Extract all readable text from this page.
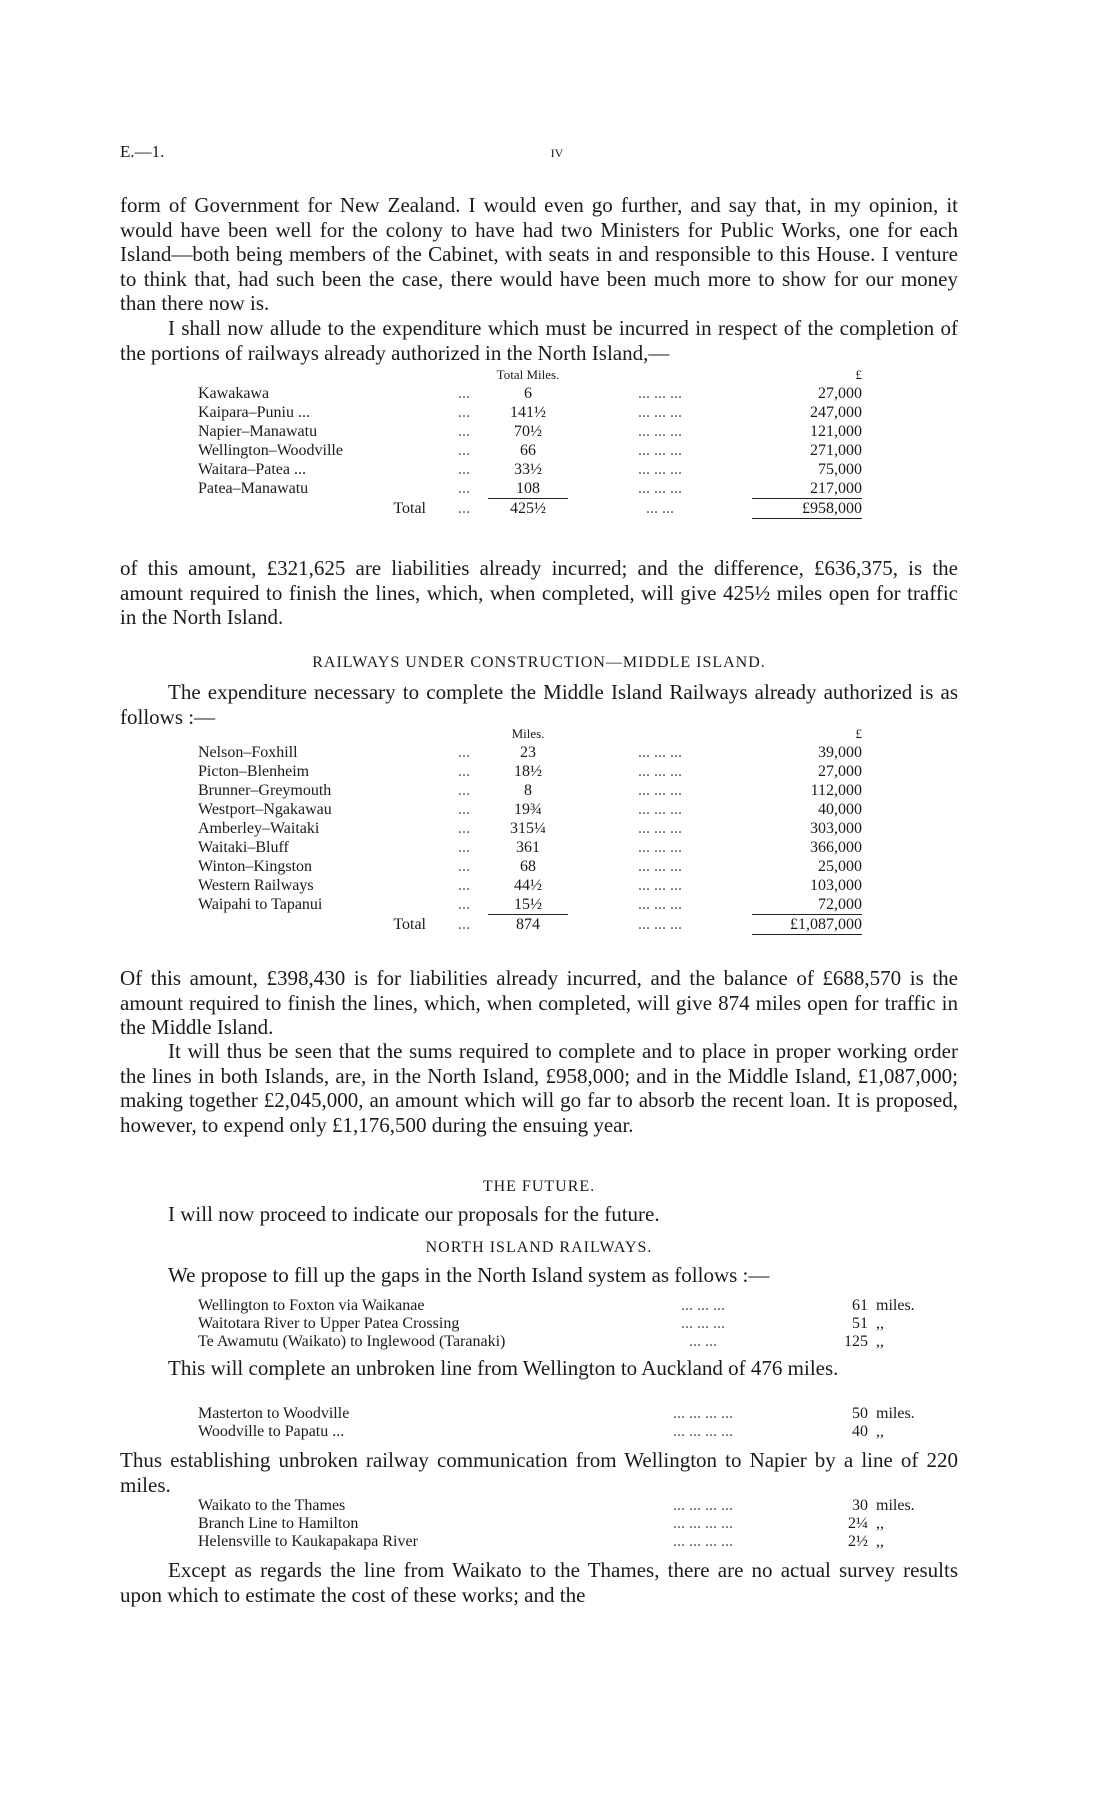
E.—1.	iv

form of Government for New Zealand. I would even go further, and say that, in my opinion, it would have been well for the colony to have had two Ministers for Public Works, one for each Island—both being members of the Cabinet, with seats in and responsible to this House. I venture to think that, had such been the case, there would have been much more to show for our money than there now is.

I shall now allude to the expenditure which must be incurred in respect of the completion of the portions of railways already authorized in the North Island,—

		Total Miles.			£
Kawakawa	...	6	... ... ...		27,000
Kaipara–Puniu ...	...	141½	... ... ...		247,000
Napier–Manawatu	...	70½	... ... ...		121,000
Wellington–Woodville	...	66	... ... ...		271,000
Waitara–Patea ...	...	33½	... ... ...		75,000
Patea–Manawatu	...	108	... ... ...		217,000
Total	...	425½	... ...		£958,000

of this amount, £321,625 are liabilities already incurred; and the difference, £636,375, is the amount required to finish the lines, which, when completed, will give 425½ miles open for traffic in the North Island.

RAILWAYS UNDER CONSTRUCTION—MIDDLE ISLAND.

The expenditure necessary to complete the Middle Island Railways already authorized is as follows :—

		Miles.			£
Nelson–Foxhill	...	23	... ... ...		39,000
Picton–Blenheim	...	18½	... ... ...		27,000
Brunner–Greymouth	...	8	... ... ...		112,000
Westport–Ngakawau	...	19¾	... ... ...		40,000
Amberley–Waitaki	...	315¼	... ... ...		303,000
Waitaki–Bluff	...	361	... ... ...		366,000
Winton–Kingston	...	68	... ... ...		25,000
Western Railways	...	44½	... ... ...		103,000
Waipahi to Tapanui	...	15½	... ... ...		72,000
Total	...	874	... ... ...		£1,087,000

Of this amount, £398,430 is for liabilities already incurred, and the balance of £688,570 is the amount required to finish the lines, which, when completed, will give 874 miles open for traffic in the Middle Island.

It will thus be seen that the sums required to complete and to place in proper working order the lines in both Islands, are, in the North Island, £958,000; and in the Middle Island, £1,087,000; making together £2,045,000, an amount which will go far to absorb the recent loan. It is proposed, however, to expend only £1,176,500 during the ensuing year.

THE FUTURE.

I will now proceed to indicate our proposals for the future.

NORTH ISLAND RAILWAYS.

We propose to fill up the gaps in the North Island system as follows :—

Wellington to Foxton via Waikanae	... ... ...	61 miles.
Waitotara River to Upper Patea Crossing	... ... ...	51 ,,
Te Awamutu (Waikato) to Inglewood (Taranaki)	... ...	125 ,,

This will complete an unbroken line from Wellington to Auckland of 476 miles.

Masterton to Woodville	... ... ... ...	50 miles.
Woodville to Papatu ...	... ... ... ...	40 ,,

Thus establishing unbroken railway communication from Wellington to Napier by a line of 220 miles.

Waikato to the Thames	... ... ... ...	30 miles.
Branch Line to Hamilton	... ... ... ...	2¼ ,,
Helensville to Kaukapakapa River	... ... ... ...	2½ ,,

Except as regards the line from Waikato to the Thames, there are no actual survey results upon which to estimate the cost of these works; and the
